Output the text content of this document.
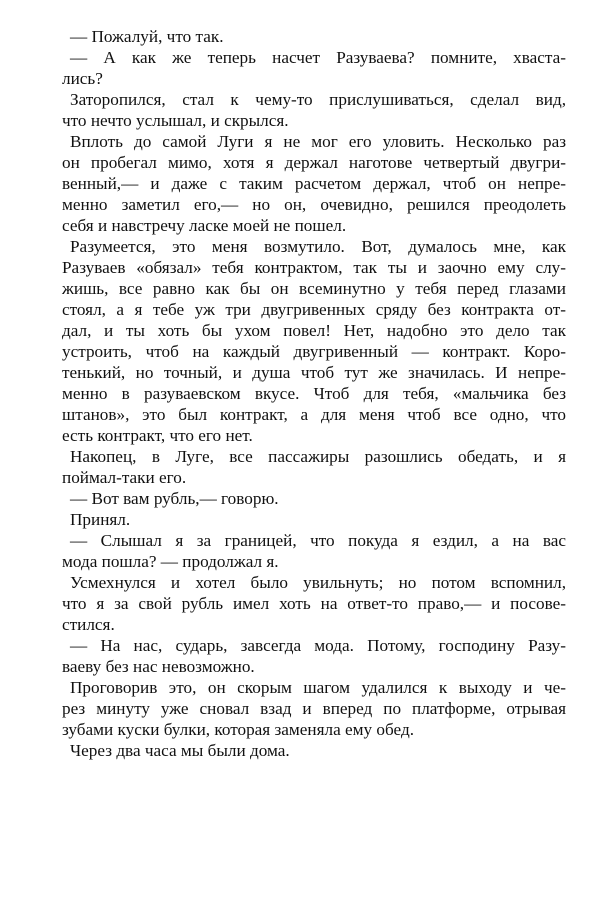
— Пожалуй, что так.

— А как же теперь насчет Разуваева? помните, хваста-
лись?

Заторопился, стал к чему-то прислушиваться, сделал вид,
что нечто услышал, и скрылся.

Вплоть до самой Луги я не мог его уловить. Несколько раз
он пробегал мимо, хотя я держал наготове четвертый двугри-
венный,— и даже с таким расчетом держал, чтоб он непре-
менно заметил его,— но он, очевидно, решился преодолеть
себя и навстречу ласке моей не пошел.

Разумеется, это меня возмутило. Вот, думалось мне, как
Разуваев «обязал» тебя контрактом, так ты и заочно ему слу-
жишь, все равно как бы он всеминутно у тебя перед глазами
стоял, а я тебе уж три двугривенных сряду без контракта от-
дал, и ты хоть бы ухом повел! Нет, надобно это дело так
устроить, чтоб на каждый двугривенный — контракт. Коро-
тенький, но точный, и душа чтоб тут же значилась. И непре-
менно в разуваевском вкусе. Чтоб для тебя, «мальчика без
штанов», это был контракт, а для меня чтоб все одно, что
есть контракт, что его нет.

Накопец, в Луге, все пассажиры разошлись обедать, и я
поймал-таки его.

— Вот вам рубль,— говорю.

Принял.

— Слышал я за границей, что покуда я ездил, а на вас
мода пошла? — продолжал я.

Усмехнулся и хотел было увильнуть; но потом вспомнил,
что я за свой рубль имел хоть на ответ-то право,— и посове-
стился.

— На нас, сударь, завсегда мода. Потому, господину Разу-
ваеву без нас невозможно.

Проговорив это, он скорым шагом удалился к выходу и че-
рез минуту уже сновал взад и вперед по платформе, отрывая
зубами куски булки, которая заменяла ему обед.

Через два часа мы были дома.
